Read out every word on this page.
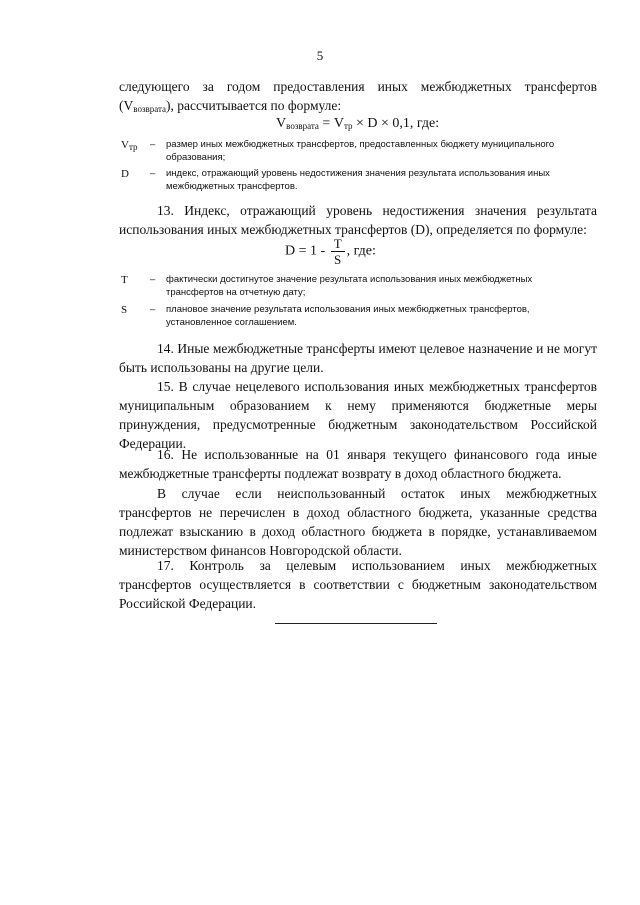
5
следующего за годом предоставления иных межбюджетных трансфертов $(V_{возврата})$, рассчитывается по формуле:
$V_{возврата} = V_{тр} \times D \times 0,1$, где:
$V_{тр}$ – размер иных межбюджетных трансфертов, предоставленных бюджету муниципального образования;
D – индекс, отражающий уровень недостижения значения результата использования иных межбюджетных трансфертов.
13. Индекс, отражающий уровень недостижения значения результата использования иных межбюджетных трансфертов (D), определяется по формуле:
$D = 1 - \frac{T}{S}$ , где:
T – фактически достигнутое значение результата использования иных межбюджетных трансфертов на отчетную дату;
S – плановое значение результата использования иных межбюджетных трансфертов, установленное соглашением.
14. Иные межбюджетные трансферты имеют целевое назначение и не могут быть использованы на другие цели.
15. В случае нецелевого использования иных межбюджетных трансфертов муниципальным образованием к нему применяются бюджетные меры принуждения, предусмотренные бюджетным законодательством Российской Федерации.
16. Не использованные на 01 января текущего финансового года иные межбюджетные трансферты подлежат возврату в доход областного бюджета.
В случае если неиспользованный остаток иных межбюджетных трансфертов не перечислен в доход областного бюджета, указанные средства подлежат взысканию в доход областного бюджета в порядке, устанавливаемом министерством финансов Новгородской области.
17. Контроль за целевым использованием иных межбюджетных трансфертов осуществляется в соответствии с бюджетным законодательством Российской Федерации.
